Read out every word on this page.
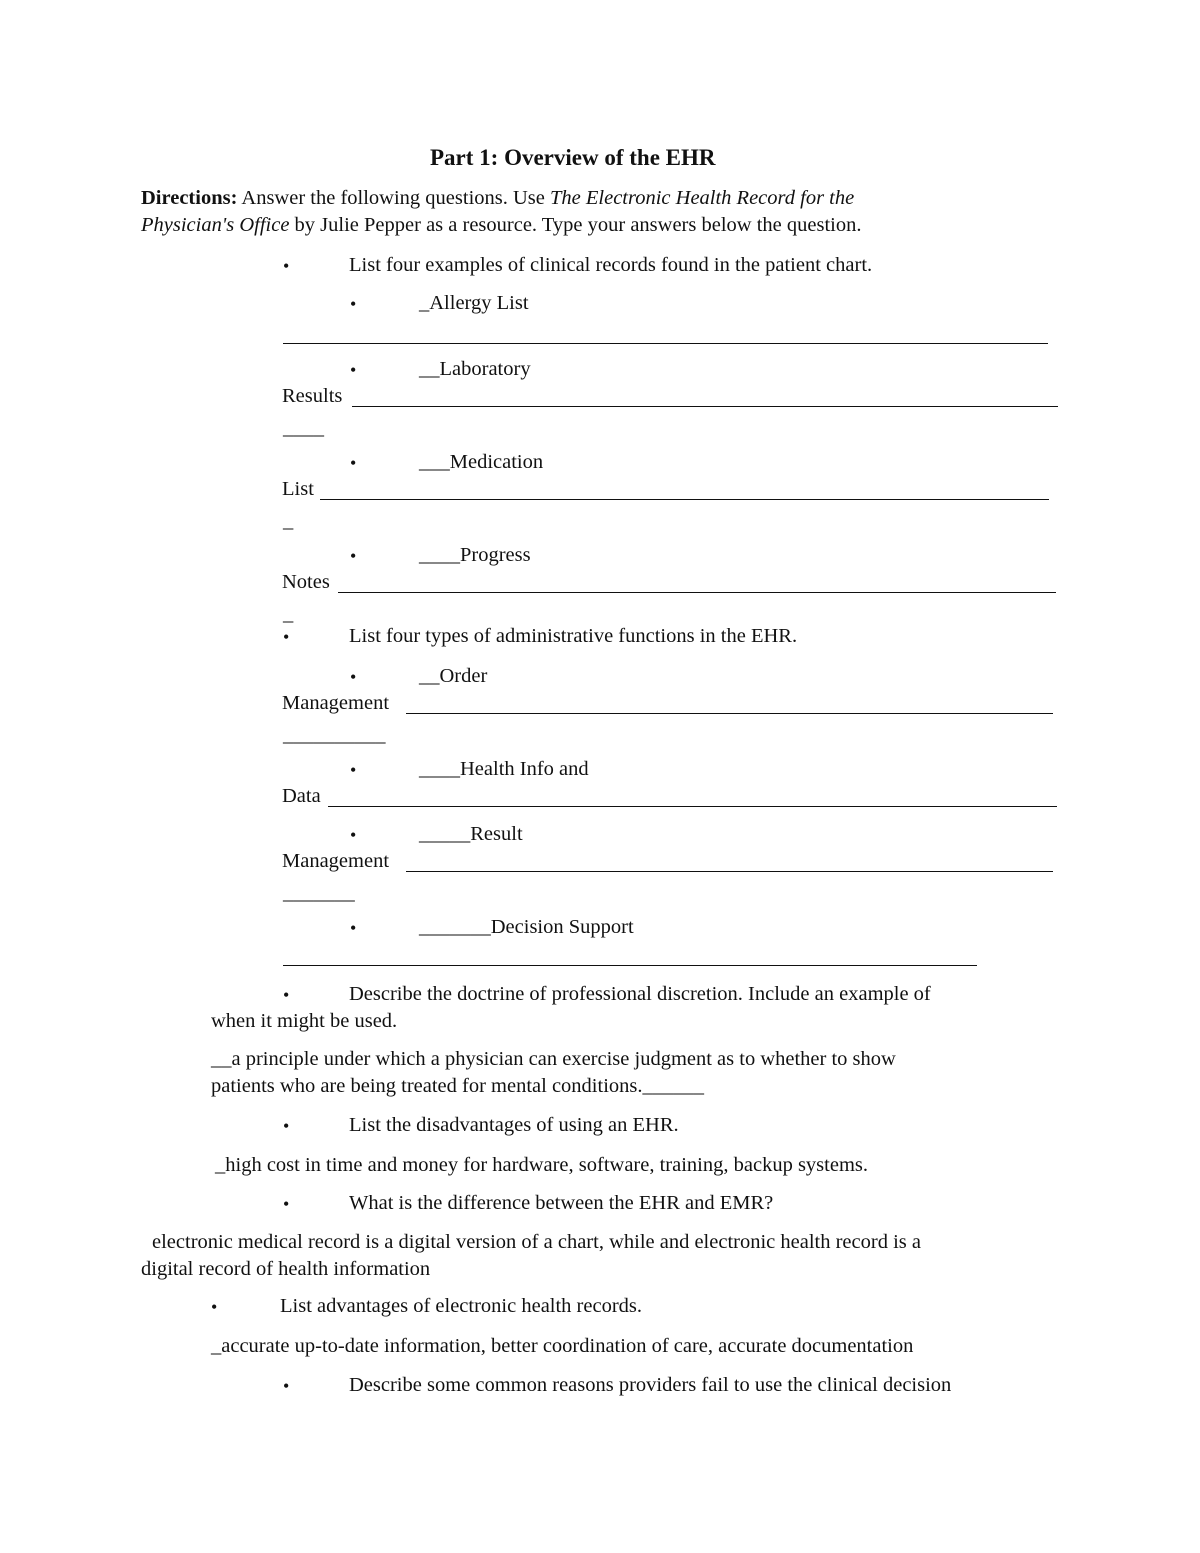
Part 1: Overview of the EHR
Directions: Answer the following questions. Use The Electronic Health Record for the
Physician's Office by Julie Pepper as a resource. Type your answers below the question.
•	List four examples of clinical records found in the patient chart.
•	_Allergy List
•	__Laboratory
Results
____
•	___Medication
List
_
•	____Progress
Notes
_
•	List four types of administrative functions in the EHR.
•	__Order
Management
__________
•	____Health Info and
Data
•	_____Result
Management
_______
•	_______Decision Support
•	Describe the doctrine of professional discretion. Include an example of
when it might be used.
__a principle under which a physician can exercise judgment as to whether to show
patients who are being treated for mental conditions.______
•	List the disadvantages of using an EHR.
_high cost in time and money for hardware, software, training, backup systems.
•	What is the difference between the EHR and EMR?
electronic medical record is a digital version of a chart, while and electronic health record is a
digital record of health information
•	List advantages of electronic health records.
_accurate up-to-date information, better coordination of care, accurate documentation
•	Describe some common reasons providers fail to use the clinical decision
